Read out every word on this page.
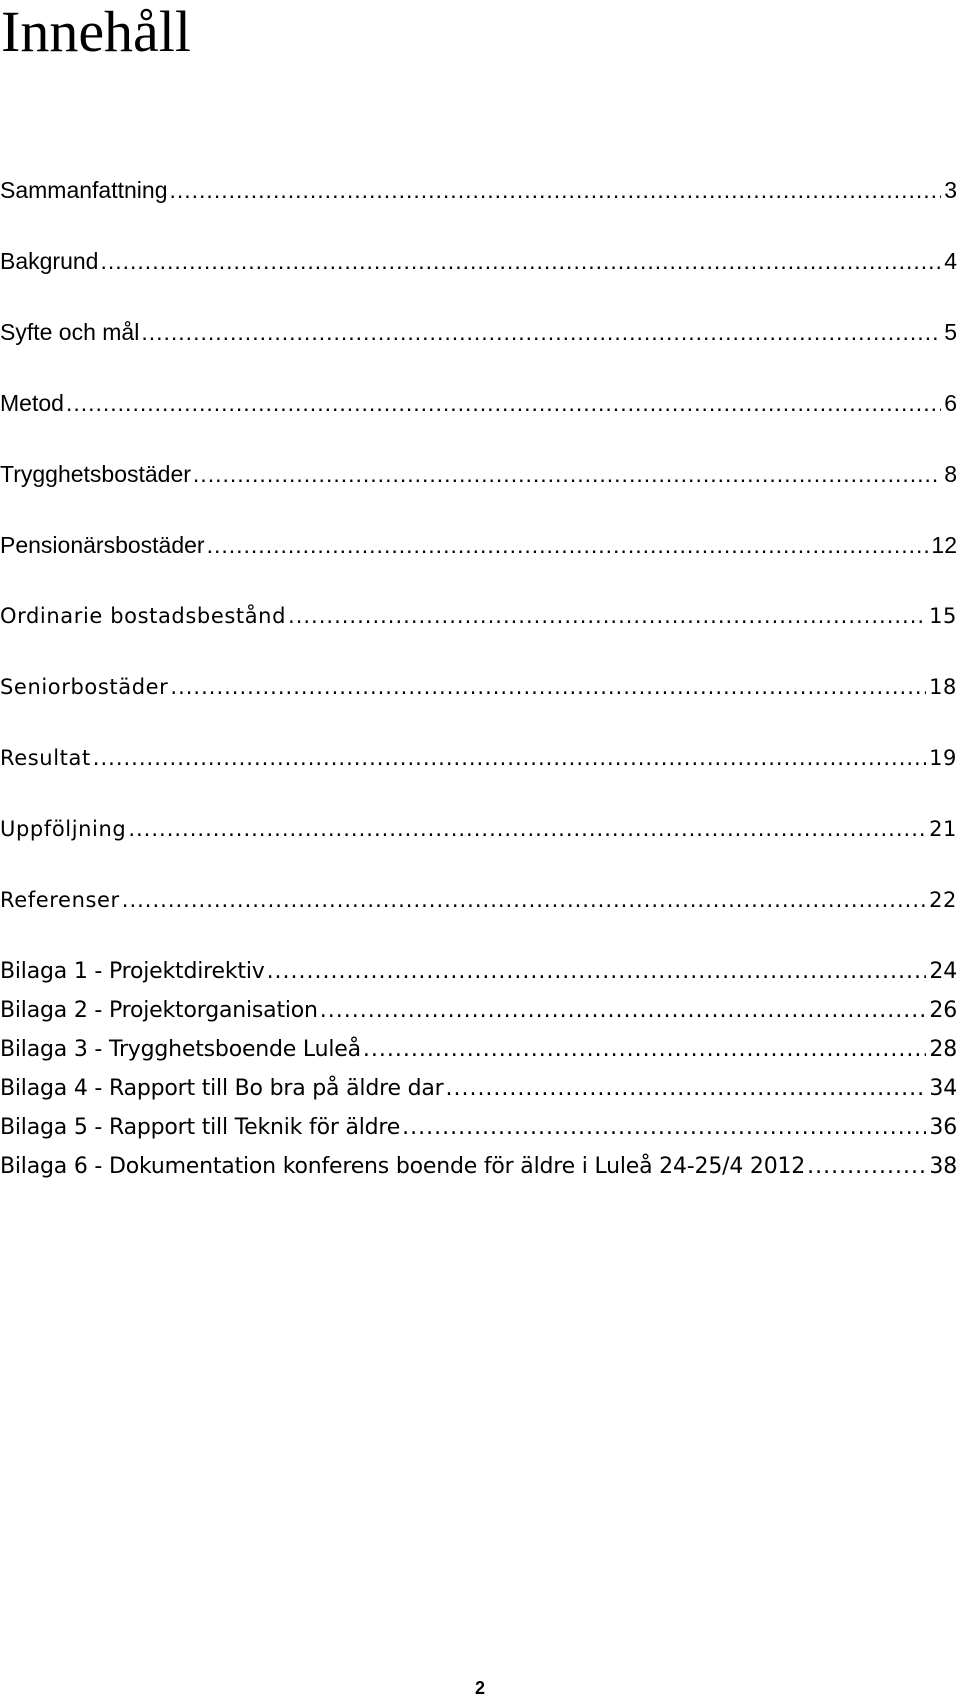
Innehåll
Sammanfattning .....	3
Bakgrund .....	4
Syfte och mål .....	5
Metod .....	6
Trygghetsbostäder .....	8
Pensionärsbostäder .....	12
Ordinarie bostadsbestånd .....	15
Seniorbostäder .....	18
Resultat .....	19
Uppföljning .....	21
Referenser .....	22
Bilaga 1 - Projektdirektiv .....	24
Bilaga 2 - Projektorganisation .....	26
Bilaga 3 - Trygghetsboende Luleå .....	28
Bilaga 4 - Rapport till Bo bra på äldre dar .....	34
Bilaga 5 - Rapport till Teknik för äldre .....	36
Bilaga 6 - Dokumentation konferens boende för äldre i Luleå 24-25/4 2012 .....	38
2
